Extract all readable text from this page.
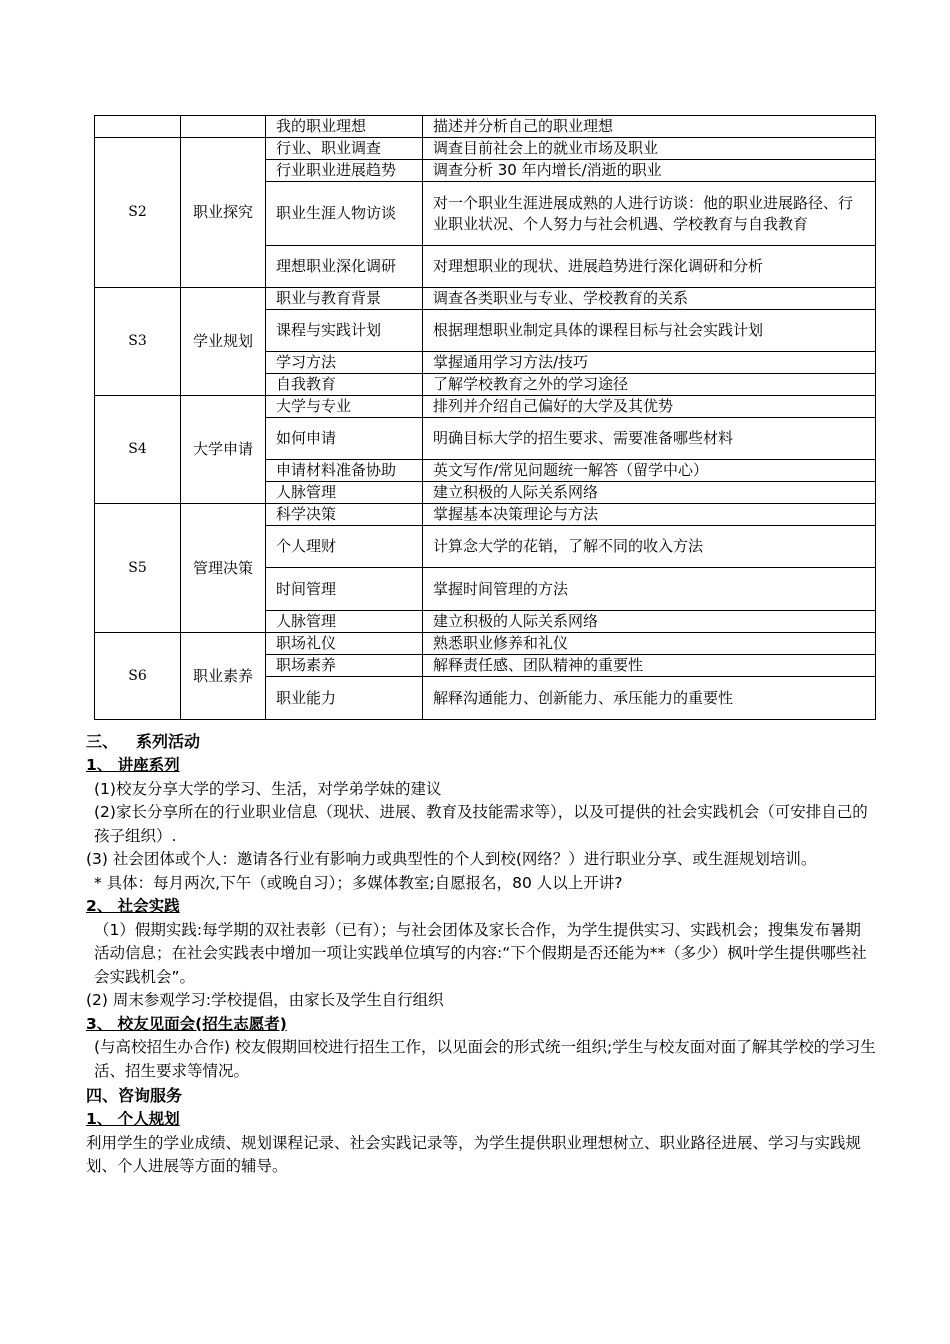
		我的职业理想	描述并分析自己的职业理想
S2	职业探究	行业、职业调查	调查目前社会上的就业市场及职业
		行业职业进展趋势	调查分析 30 年内增长/消逝的职业
		职业生涯人物访谈	对一个职业生涯进展成熟的人进行访谈：他的职业进展路径、行业职业状况、个人努力与社会机遇、学校教育与自我教育
		理想职业深化调研	对理想职业的现状、进展趋势进行深化调研和分析
S3	学业规划	职业与教育背景	调查各类职业与专业、学校教育的关系
		课程与实践计划	根据理想职业制定具体的课程目标与社会实践计划
		学习方法	掌握通用学习方法/技巧
		自我教育	了解学校教育之外的学习途径
S4	大学申请	大学与专业	排列并介绍自己偏好的大学及其优势
		如何申请	明确目标大学的招生要求、需要准备哪些材料
		申请材料准备协助	英文写作/常见问题统一解答（留学中心）
		人脉管理	建立积极的人际关系网络
S5	管理决策	科学决策	掌握基本决策理论与方法
		个人理财	计算念大学的花销，了解不同的收入方法
		时间管理	掌握时间管理的方法
		人脉管理	建立积极的人际关系网络
S6	职业素养	职场礼仪	熟悉职业修养和礼仪
		职场素养	解释责任感、团队精神的重要性
		职业能力	解释沟通能力、创新能力、承压能力的重要性

三、 系列活动

1、 讲座系列

(1)校友分享大学的学习、生活，对学弟学妹的建议

(2)家长分享所在的行业职业信息（现状、进展、教育及技能需求等），以及可提供的社会实践机会（可安排自己的孩子组织）.

(3) 社会团体或个人：邀请各行业有影响力或典型性的个人到校(网络？）进行职业分享、或生涯规划培训。

* 具体：每月两次,下午（或晚自习）；多媒体教室;自愿报名，80 人以上开讲?

2、 社会实践

（1）假期实践:每学期的双社表彰（已有）；与社会团体及家长合作，为学生提供实习、实践机会；搜集发布暑期活动信息；在社会实践表中增加一项让实践单位填写的内容:“下个假期是否还能为**（多少）枫叶学生提供哪些社会实践机会”。

(2) 周末参观学习:学校提倡，由家长及学生自行组织

3、 校友见面会(招生志愿者)

(与高校招生办合作) 校友假期回校进行招生工作，以见面会的形式统一组织;学生与校友面对面了解其学校的学习生活、招生要求等情况。

四、咨询服务

1、 个人规划

利用学生的学业成绩、规划课程记录、社会实践记录等，为学生提供职业理想树立、职业路径进展、学习与实践规划、个人进展等方面的辅导。
